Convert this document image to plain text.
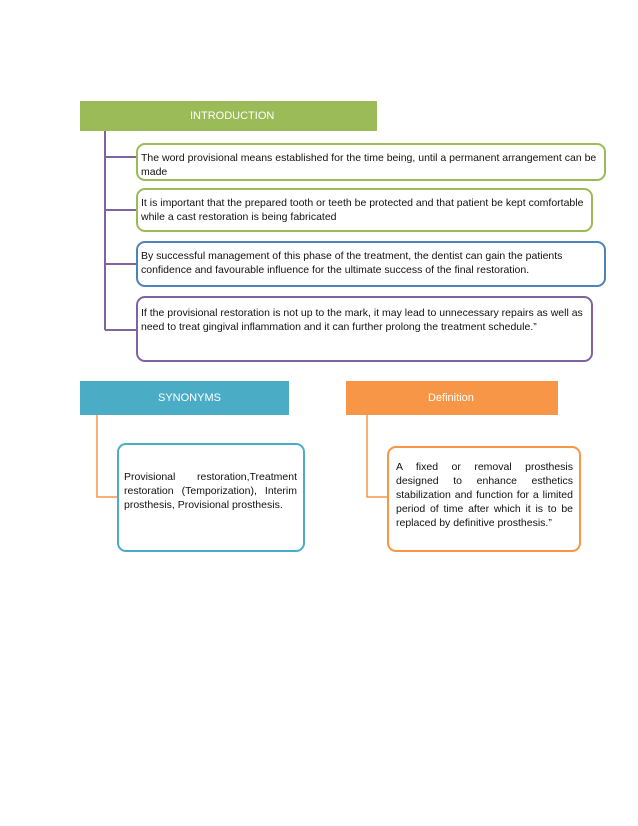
INTRODUCTION
The word provisional means established for the time being, until a permanent arrangement can be made
It is important that the prepared tooth or teeth be protected and that patient be kept comfortable while a cast restoration is being fabricated
By successful management of this phase of the treatment, the dentist can gain the patients confidence and favourable influence for the ultimate success of the final restoration.
If the provisional restoration is not up to the mark, it may lead to unnecessary repairs as well as need to treat gingival inflammation and it can further prolong the treatment schedule.”
SYNONYMS
Provisional restoration,Treatment restoration (Temporization), Interim prosthesis, Provisional prosthesis.
Definition
A fixed or removal prosthesis designed to enhance esthetics stabilization and function for a limited period of time after which it is to be replaced by definitive prosthesis.”
